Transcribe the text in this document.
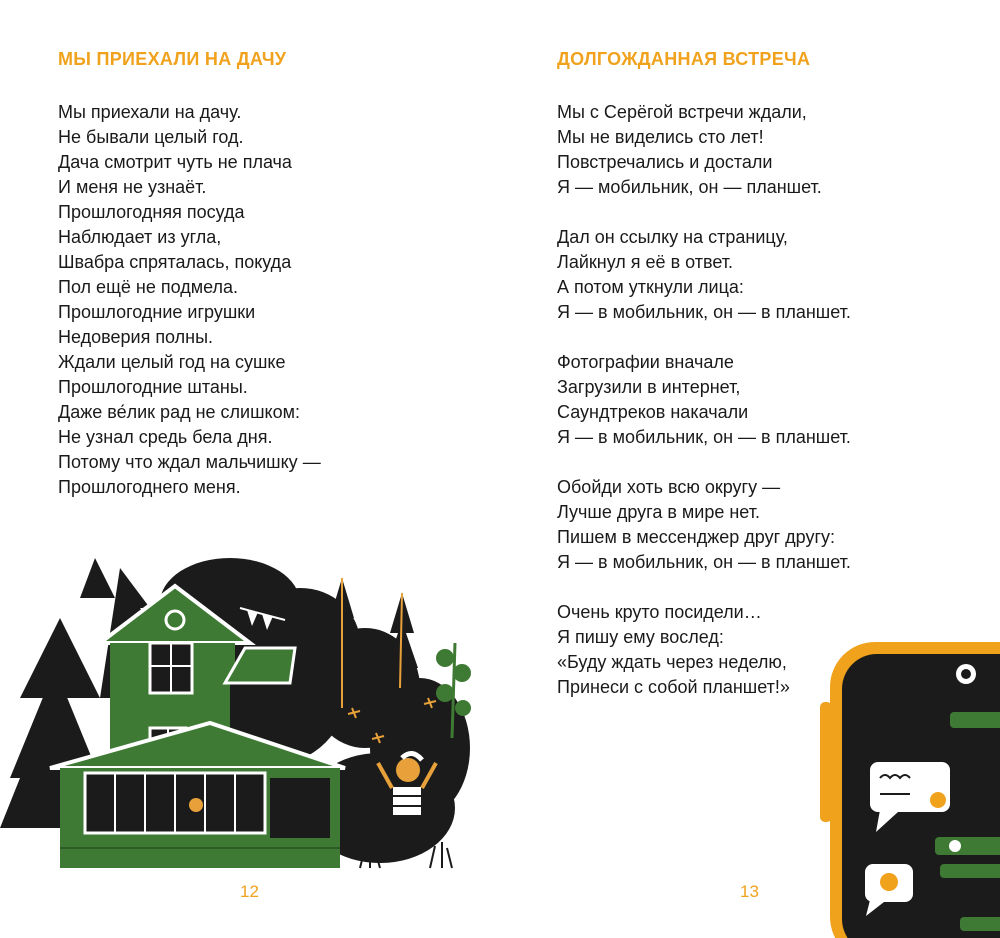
МЫ ПРИЕХАЛИ НА ДАЧУ
Мы приехали на дачу.
Не бывали целый год.
Дача смотрит чуть не плача
И меня не узнаёт.
Прошлогодняя посуда
Наблюдает из угла,
Швабра спряталась, покуда
Пол ещё не подмела.
Прошлогодние игрушки
Недоверия полны.
Ждали целый год на сушке
Прошлогодние штаны.
Даже ве́лик рад не слишком:
Не узнал средь бела дня.
Потому что ждал мальчишку —
Прошлогоднего меня.
12
ДОЛГОЖДАННАЯ ВСТРЕЧА
Мы с Серёгой встречи ждали,
Мы не виделись сто лет!
Повстречались и достали
Я — мобильник, он — планшет.
Дал он ссылку на страницу,
Лайкнул я её в ответ.
А потом уткнули лица:
Я — в мобильник, он — в планшет.
Фотографии вначале
Загрузили в интернет,
Саундтреков накачали
Я — в мобильник, он — в планшет.
Обойди хоть всю округу —
Лучше друга в мире нет.
Пишем в мессенджер друг другу:
Я — в мобильник, он — в планшет.
Очень круто посидели…
Я пишу ему вослед:
«Буду ждать через неделю,
Принеси с собой планшет!»
13
